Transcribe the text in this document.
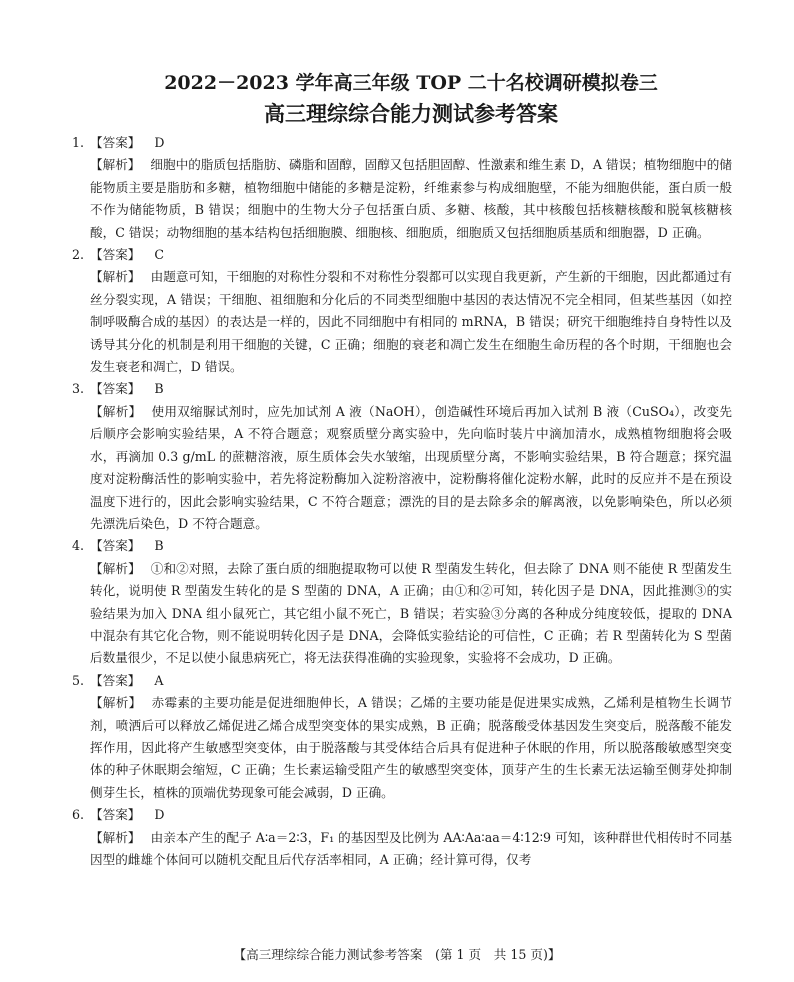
2022－2023 学年高三年级 TOP 二十名校调研模拟卷三
高三理综综合能力测试参考答案
1. 【答案】 D
【解析】 细胞中的脂质包括脂肪、磷脂和固醇，固醇又包括胆固醇、性激素和维生素 D，A 错误；植物细胞中的储能物质主要是脂肪和多糖，植物细胞中储能的多糖是淀粉，纤维素参与构成细胞壁，不能为细胞供能，蛋白质一般不作为储能物质，B 错误；细胞中的生物大分子包括蛋白质、多糖、核酸，其中核酸包括核糖核酸和脱氧核糖核酸，C 错误；动物细胞的基本结构包括细胞膜、细胞核、细胞质，细胞质又包括细胞质基质和细胞器，D 正确。
2. 【答案】 C
【解析】 由题意可知，干细胞的对称性分裂和不对称性分裂都可以实现自我更新，产生新的干细胞，因此都通过有丝分裂实现，A 错误；干细胞、祖细胞和分化后的不同类型细胞中基因的表达情况不完全相同，但某些基因（如控制呼吸酶合成的基因）的表达是一样的，因此不同细胞中有相同的 mRNA，B 错误；研究干细胞维持自身特性以及诱导其分化的机制是利用干细胞的关键，C 正确；细胞的衰老和凋亡发生在细胞生命历程的各个时期，干细胞也会发生衰老和凋亡，D 错误。
3. 【答案】 B
【解析】 使用双缩脲试剂时，应先加试剂 A 液（NaOH），创造碱性环境后再加入试剂 B 液（CuSO₄），改变先后顺序会影响实验结果，A 不符合题意；观察质壁分离实验中，先向临时装片中滴加清水，成熟植物细胞将会吸水，再滴加 0.3 g/mL 的蔗糖溶液，原生质体会失水皱缩，出现质壁分离，不影响实验结果，B 符合题意；探究温度对淀粉酶活性的影响实验中，若先将淀粉酶加入淀粉溶液中，淀粉酶将催化淀粉水解，此时的反应并不是在预设温度下进行的，因此会影响实验结果，C 不符合题意；漂洗的目的是去除多余的解离液，以免影响染色，所以必须先漂洗后染色，D 不符合题意。
4. 【答案】 B
【解析】 ①和②对照，去除了蛋白质的细胞提取物可以使 R 型菌发生转化，但去除了 DNA 则不能使 R 型菌发生转化，说明使 R 型菌发生转化的是 S 型菌的 DNA，A 正确；由①和②可知，转化因子是 DNA，因此推测③的实验结果为加入 DNA 组小鼠死亡，其它组小鼠不死亡，B 错误；若实验③分离的各种成分纯度较低，提取的 DNA 中混杂有其它化合物，则不能说明转化因子是 DNA，会降低实验结论的可信性，C 正确；若 R 型菌转化为 S 型菌后数量很少，不足以使小鼠患病死亡，将无法获得准确的实验现象，实验将不会成功，D 正确。
5. 【答案】 A
【解析】 赤霉素的主要功能是促进细胞伸长，A 错误；乙烯的主要功能是促进果实成熟，乙烯利是植物生长调节剂，喷洒后可以释放乙烯促进乙烯合成型突变体的果实成熟，B 正确；脱落酸受体基因发生突变后，脱落酸不能发挥作用，因此将产生敏感型突变体，由于脱落酸与其受体结合后具有促进种子休眠的作用，所以脱落酸敏感型突变体的种子休眠期会缩短，C 正确；生长素运输受阻产生的敏感型突变体，顶芽产生的生长素无法运输至侧芽处抑制侧芽生长，植株的顶端优势现象可能会减弱，D 正确。
6. 【答案】 D
【解析】 由亲本产生的配子 A∶a＝2∶3，F₁ 的基因型及比例为 AA∶Aa∶aa＝4∶12∶9 可知，该种群世代相传时不同基因型的雌雄个体间可以随机交配且后代存活率相同，A 正确；经计算可得，仅考
【高三理综综合能力测试参考答案　(第 1 页　共 15 页)】
